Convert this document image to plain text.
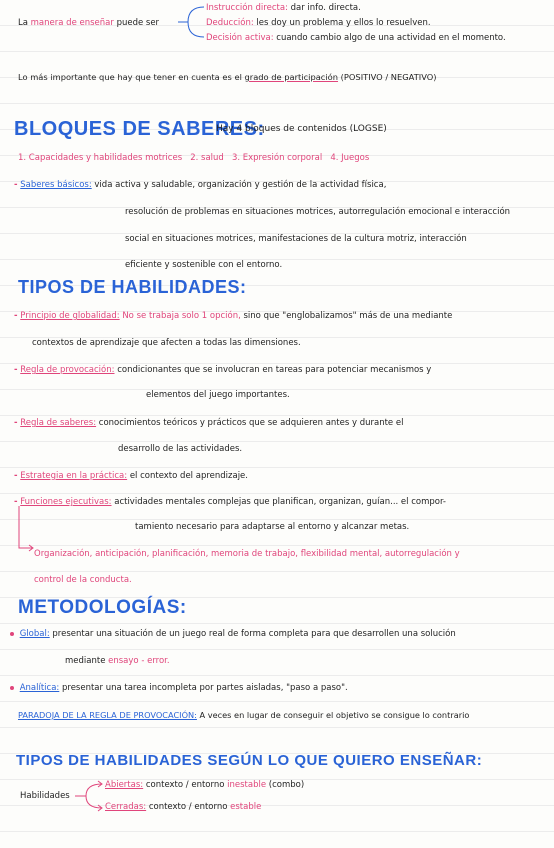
La manera de enseñar puede ser
Instrucción directa: dar info. directa.
Deducción: les doy un problema y ellos lo resuelven.
Decisión activa: cuando cambio algo de una actividad en el momento.
Lo más importante que hay que tener en cuenta es el grado de participación (POSITIVO / NEGATIVO)
BLOQUES DE SABERES:
Hay 4 bloques de contenidos (LOGSE)
1. Capacidades y habilidades motrices 2. salud 3. Expresión corporal 4. Juegos
- Saberes básicos: vida activa y saludable, organización y gestión de la actividad física,
resolución de problemas en situaciones motrices, autorregulación emocional e interacción
social en situaciones motrices, manifestaciones de la cultura motriz, interacción
eficiente y sostenible con el entorno.
TIPOS DE HABILIDADES:
- Principio de globalidad: No se trabaja solo 1 opción, sino que "englobalizamos" más de una mediante
contextos de aprendizaje que afecten a todas las dimensiones.
- Regla de provocación: condicionantes que se involucran en tareas para potenciar mecanismos y
elementos del juego importantes.
- Regla de saberes: conocimientos teóricos y prácticos que se adquieren antes y durante el
desarrollo de las actividades.
- Estrategia en la práctica: el contexto del aprendizaje.
- Funciones ejecutivas: actividades mentales complejas que planifican, organizan, guían... el compor-
tamiento necesario para adaptarse al entorno y alcanzar metas.
Organización, anticipación, planificación, memoria de trabajo, flexibilidad mental, autorregulación y
control de la conducta.
METODOLOGÍAS:
Global: presentar una situación de un juego real de forma completa para que desarrollen una solución
mediante ensayo - error.
Analítica: presentar una tarea incompleta por partes aisladas, "paso a paso".
PARADOJA DE LA REGLA DE PROVOCACIÓN: A veces en lugar de conseguir el objetivo se consigue lo contrario
TIPOS DE HABILIDADES SEGÚN LO QUE QUIERO ENSEÑAR:
Habilidades
Abiertas: contexto / entorno inestable (combo)
Cerradas: contexto / entorno estable
